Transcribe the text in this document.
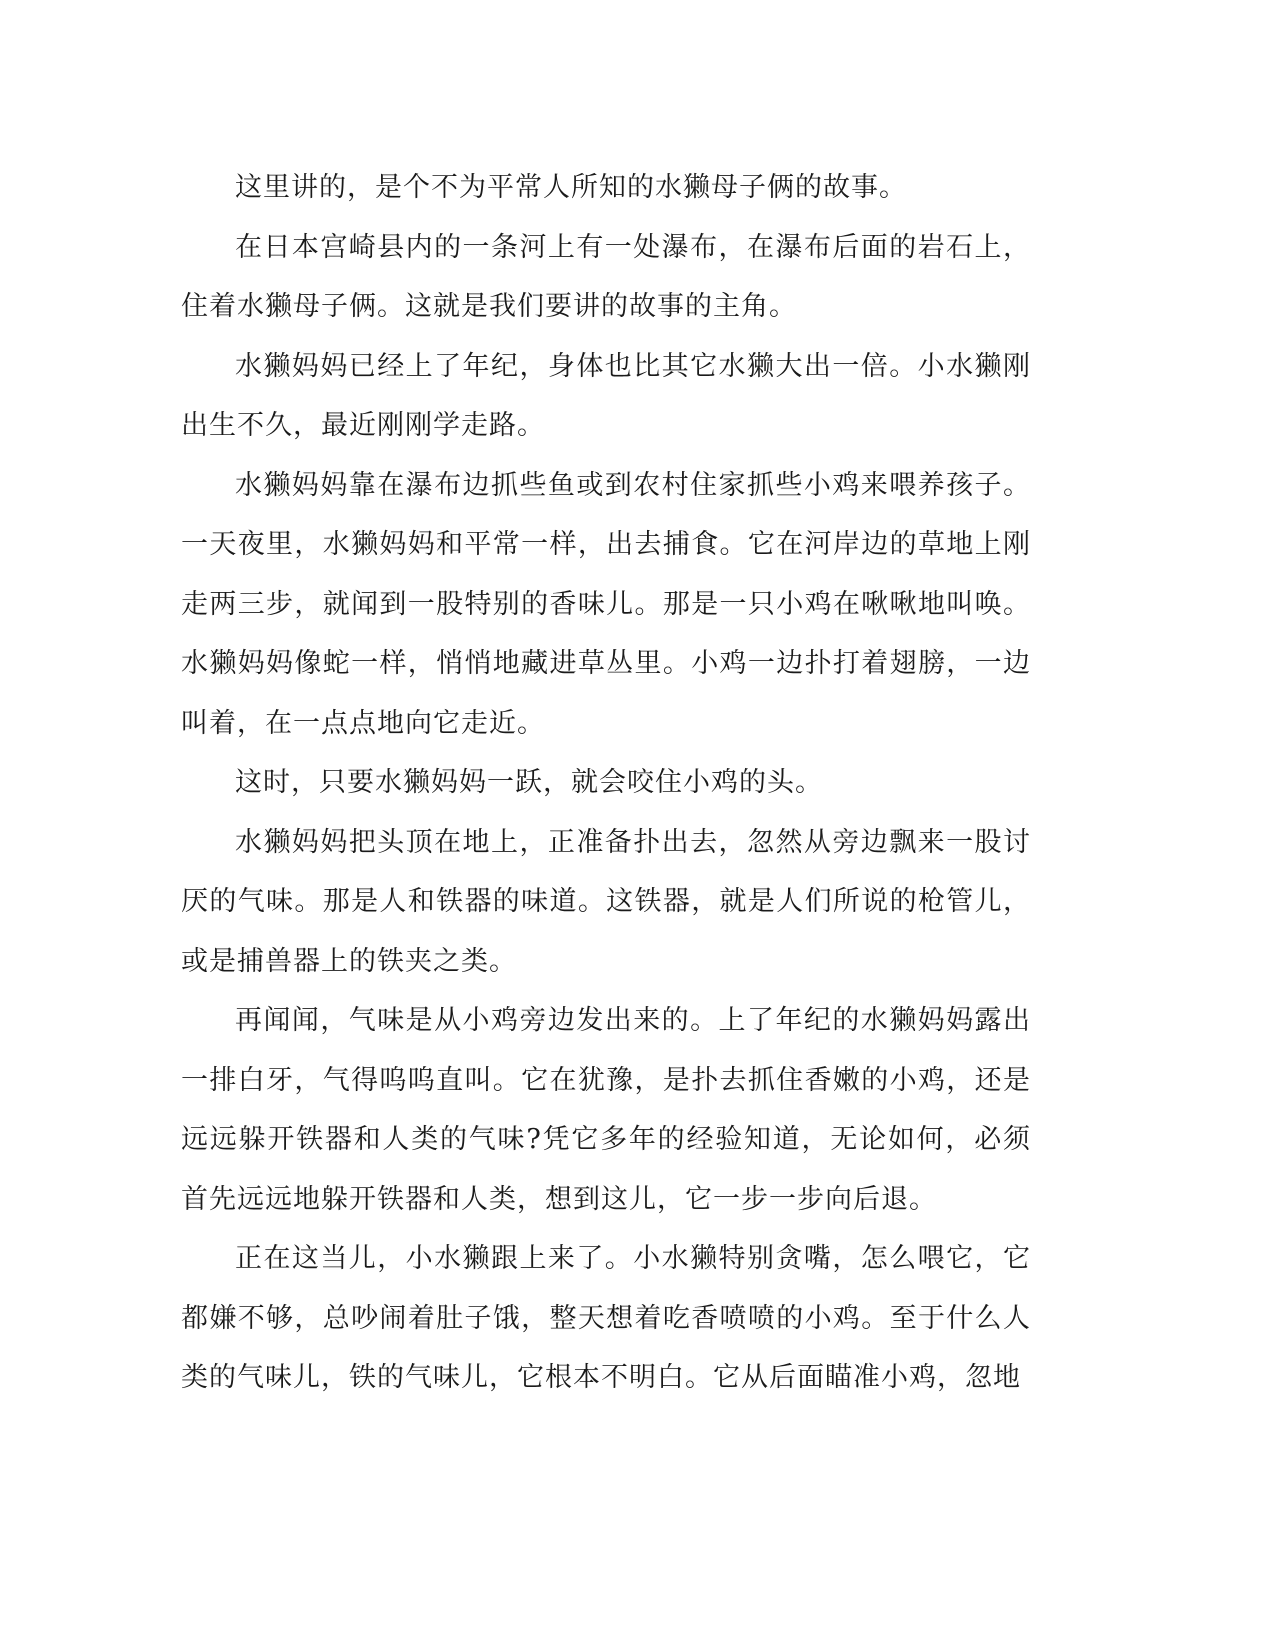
这里讲的，是个不为平常人所知的水獭母子俩的故事。

在日本宫崎县内的一条河上有一处瀑布，在瀑布后面的岩石上，住着水獭母子俩。这就是我们要讲的故事的主角。

水獭妈妈已经上了年纪，身体也比其它水獭大出一倍。小水獭刚出生不久，最近刚刚学走路。

水獭妈妈靠在瀑布边抓些鱼或到农村住家抓些小鸡来喂养孩子。一天夜里，水獭妈妈和平常一样，出去捕食。它在河岸边的草地上刚走两三步，就闻到一股特别的香味儿。那是一只小鸡在啾啾地叫唤。水獭妈妈像蛇一样，悄悄地藏进草丛里。小鸡一边扑打着翅膀，一边叫着，在一点点地向它走近。

这时，只要水獭妈妈一跃，就会咬住小鸡的头。

水獭妈妈把头顶在地上，正准备扑出去，忽然从旁边飘来一股讨厌的气味。那是人和铁器的味道。这铁器，就是人们所说的枪管儿，或是捕兽器上的铁夹之类。

再闻闻，气味是从小鸡旁边发出来的。上了年纪的水獭妈妈露出一排白牙，气得呜呜直叫。它在犹豫，是扑去抓住香嫩的小鸡，还是远远躲开铁器和人类的气味?凭它多年的经验知道，无论如何，必须首先远远地躲开铁器和人类，想到这儿，它一步一步向后退。

正在这当儿，小水獭跟上来了。小水獭特别贪嘴，怎么喂它，它都嫌不够，总吵闹着肚子饿，整天想着吃香喷喷的小鸡。至于什么人类的气味儿，铁的气味儿，它根本不明白。它从后面瞄准小鸡，忽地
